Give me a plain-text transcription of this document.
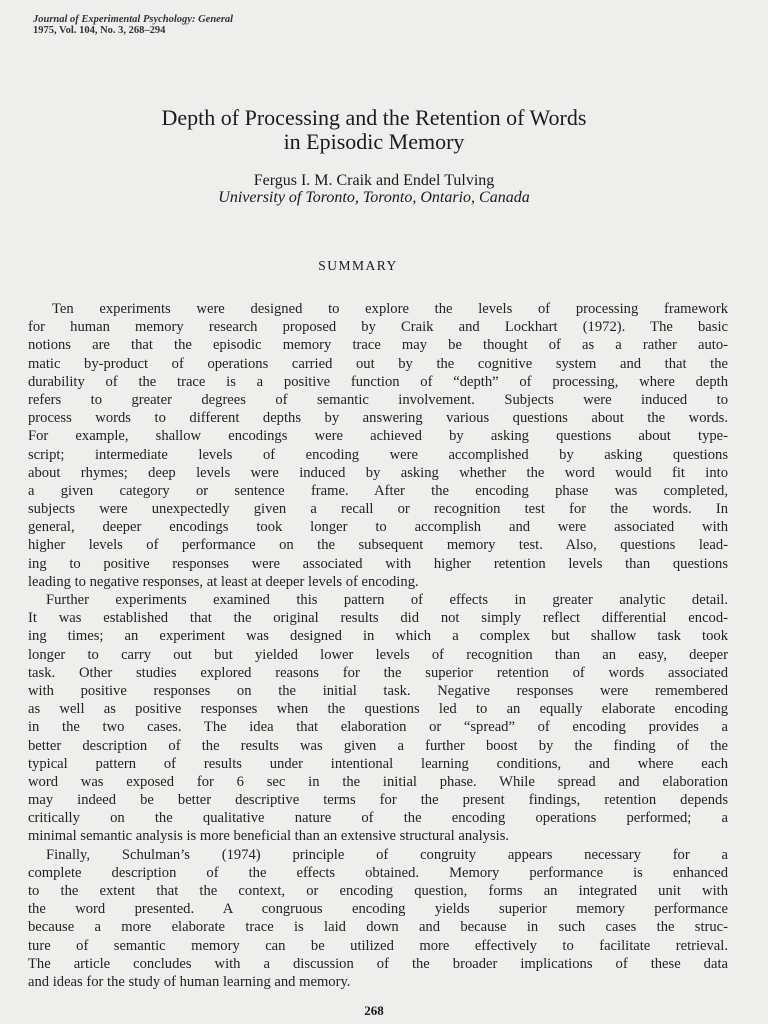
Journal of Experimental Psychology: General
1975, Vol. 104, No. 3, 268–294
Depth of Processing and the Retention of Words
in Episodic Memory
Fergus I. M. Craik and Endel Tulving
University of Toronto, Toronto, Ontario, Canada
SUMMARY
Ten experiments were designed to explore the levels of processing framework
for human memory research proposed by Craik and Lockhart (1972). The basic
notions are that the episodic memory trace may be thought of as a rather auto-
matic by-product of operations carried out by the cognitive system and that the
durability of the trace is a positive function of “depth” of processing, where depth
refers to greater degrees of semantic involvement. Subjects were induced to
process words to different depths by answering various questions about the words.
For example, shallow encodings were achieved by asking questions about type-
script; intermediate levels of encoding were accomplished by asking questions
about rhymes; deep levels were induced by asking whether the word would fit into
a given category or sentence frame. After the encoding phase was completed,
subjects were unexpectedly given a recall or recognition test for the words. In
general, deeper encodings took longer to accomplish and were associated with
higher levels of performance on the subsequent memory test. Also, questions lead-
ing to positive responses were associated with higher retention levels than questions
leading to negative responses, at least at deeper levels of encoding.
Further experiments examined this pattern of effects in greater analytic detail.
It was established that the original results did not simply reflect differential encod-
ing times; an experiment was designed in which a complex but shallow task took
longer to carry out but yielded lower levels of recognition than an easy, deeper
task. Other studies explored reasons for the superior retention of words associated
with positive responses on the initial task. Negative responses were remembered
as well as positive responses when the questions led to an equally elaborate encoding
in the two cases. The idea that elaboration or “spread” of encoding provides a
better description of the results was given a further boost by the finding of the
typical pattern of results under intentional learning conditions, and where each
word was exposed for 6 sec in the initial phase. While spread and elaboration
may indeed be better descriptive terms for the present findings, retention depends
critically on the qualitative nature of the encoding operations performed; a
minimal semantic analysis is more beneficial than an extensive structural analysis.
Finally, Schulman’s (1974) principle of congruity appears necessary for a
complete description of the effects obtained. Memory performance is enhanced
to the extent that the context, or encoding question, forms an integrated unit with
the word presented. A congruous encoding yields superior memory performance
because a more elaborate trace is laid down and because in such cases the struc-
ture of semantic memory can be utilized more effectively to facilitate retrieval.
The article concludes with a discussion of the broader implications of these data
and ideas for the study of human learning and memory.
268
